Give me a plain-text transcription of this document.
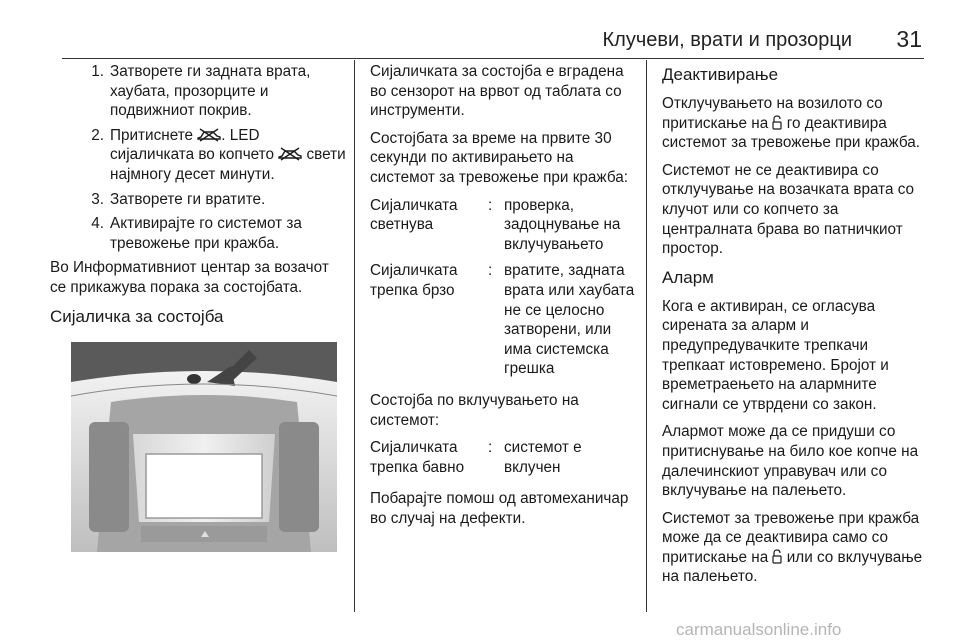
Клучеви, врати и прозорци 31
1. Затворете ги задната врата, хаубата, прозорците и подвижниот покрив.
2. Притиснете . LED сијаличката во копчето свети најмногу десет минути.
3. Затворете ги вратите.
4. Активирајте го системот за тревожење при кражба.

Во Информативниот центар за возачот се прикажува порака за состојбата.

Сијаличка за состојба

Сијаличката за состојбa е вградена во сензорот на врвот од таблата со инструменти.

Состојбата за време на првите 30 секунди по активирањето на системот за тревожење при кражба:

Сијаличката светнува
: проверка, задоцнување на вклучувањето
Сијаличката трепка брзо
: вратите, задната врата или хаубата не се целосно затворени, или има системска грешка

Состојба по вклучувањето на системот:

Сијаличката трепка бавно
: системот е вклучен

Побарајте помош од автомеханичар во случај на дефекти.

Деактивирање

Отклучувањето на возилото со притискање на го деактивира системот за тревожење при кражба.

Системот не се деактивира со отклучување на возачката врата со клучот или со копчето за централната брава во патничкиот простор.

Аларм

Кога е активиран, се огласува сирената за аларм и предупредувачките трепкачи трепкаат истовремено. Бројот и времетраењето на алармните сигнали се утврдени со закон.

Алармот може да се придуши со притиснување на било кое копче на далечинскиот управувач или со вклучување на палењето.

Системот за тревожење при кражба може да се деактивира само со притискање на или со вклучување на палењето.

carmanualsonline.info
